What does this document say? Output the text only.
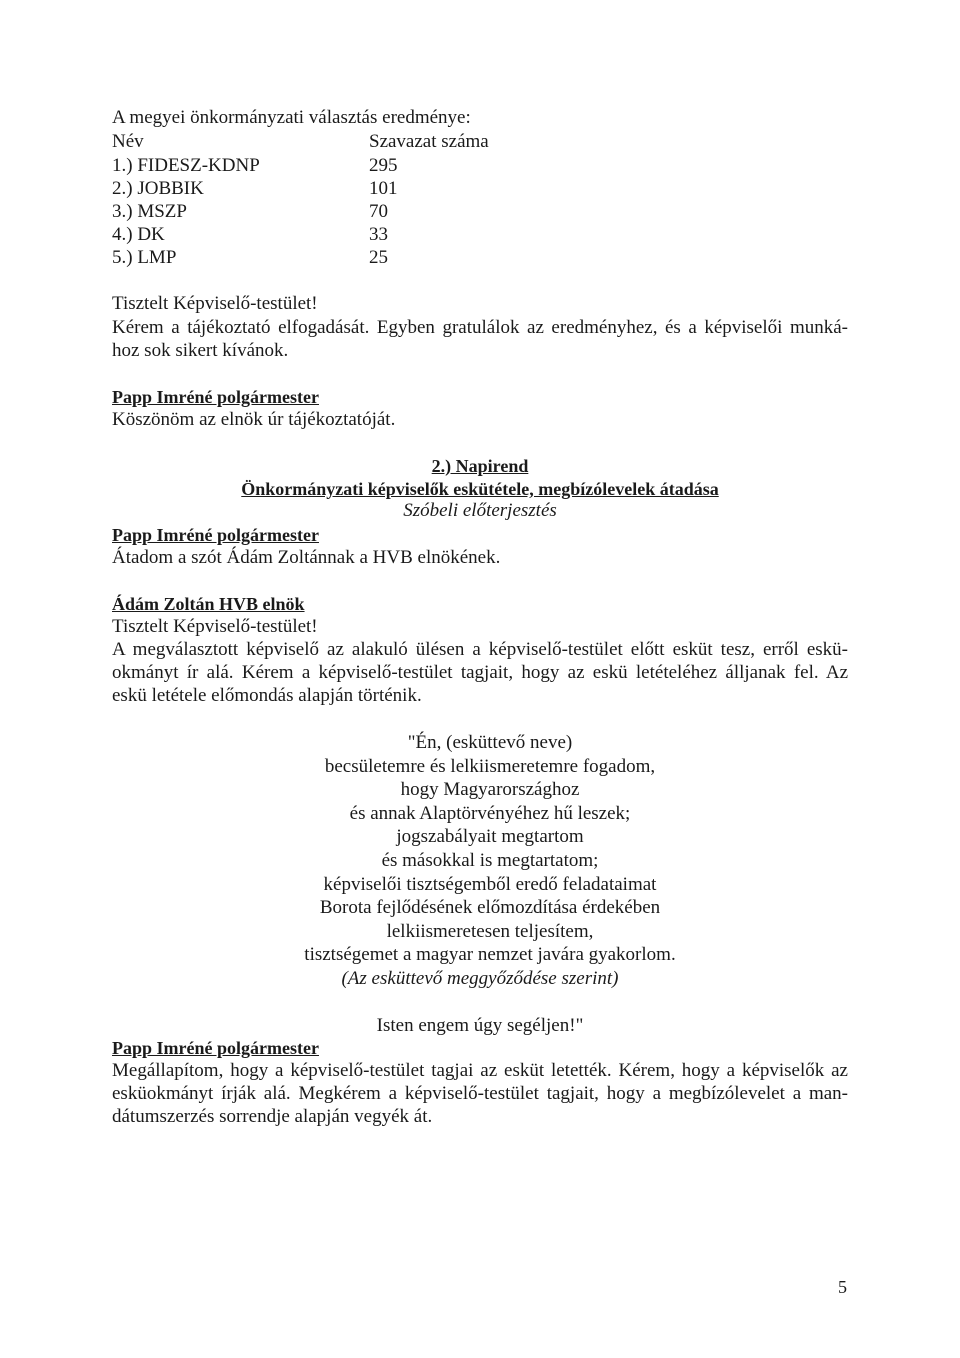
A megyei önkormányzati választás eredménye:
Név	Szavazat száma
1.) FIDESZ-KDNP	295
2.) JOBBIK	101
3.) MSZP	70
4.) DK	33
5.) LMP	25
Tisztelt Képviselő-testület!
Kérem a tájékoztató elfogadását. Egyben gratulálok az eredményhez, és a képviselői munká-
hoz sok sikert kívánok.
Papp Imréné polgármester
Köszönöm az elnök úr tájékoztatóját.
2.) Napirend
Önkormányzati képviselők eskütétele, megbízólevelek átadása
Szóbeli előterjesztés
Papp Imréné polgármester
Átadom a szót Ádám Zoltánnak a HVB elnökének.
Ádám Zoltán HVB elnök
Tisztelt Képviselő-testület!
A megválasztott képviselő az alakuló ülésen a képviselő-testület előtt esküt tesz, erről eskü-
okmányt ír alá. Kérem a képviselő-testület tagjait, hogy az eskü letételéhez álljanak fel. Az
eskü letétele előmondás alapján történik.
"Én, (esküttevő neve)
becsületemre és lelkiismeretemre fogadom,
hogy Magyarországhoz
és annak Alaptörvényéhez hű leszek;
jogszabályait megtartom
és másokkal is megtartatom;
képviselői tisztségemből eredő feladataimat
Borota fejlődésének előmozdítása érdekében
lelkiismeretesen teljesítem,
tisztségemet a magyar nemzet javára gyakorlom.
(Az esküttevő meggyőződése szerint)
Isten engem úgy segéljen!"
Papp Imréné polgármester
Megállapítom, hogy a képviselő-testület tagjai az esküt letették. Kérem, hogy a képviselők az
esküokmányt írják alá. Megkérem a képviselő-testület tagjait, hogy a megbízólevelet a man-
dátumszerzés sorrendje alapján vegyék át.
5
